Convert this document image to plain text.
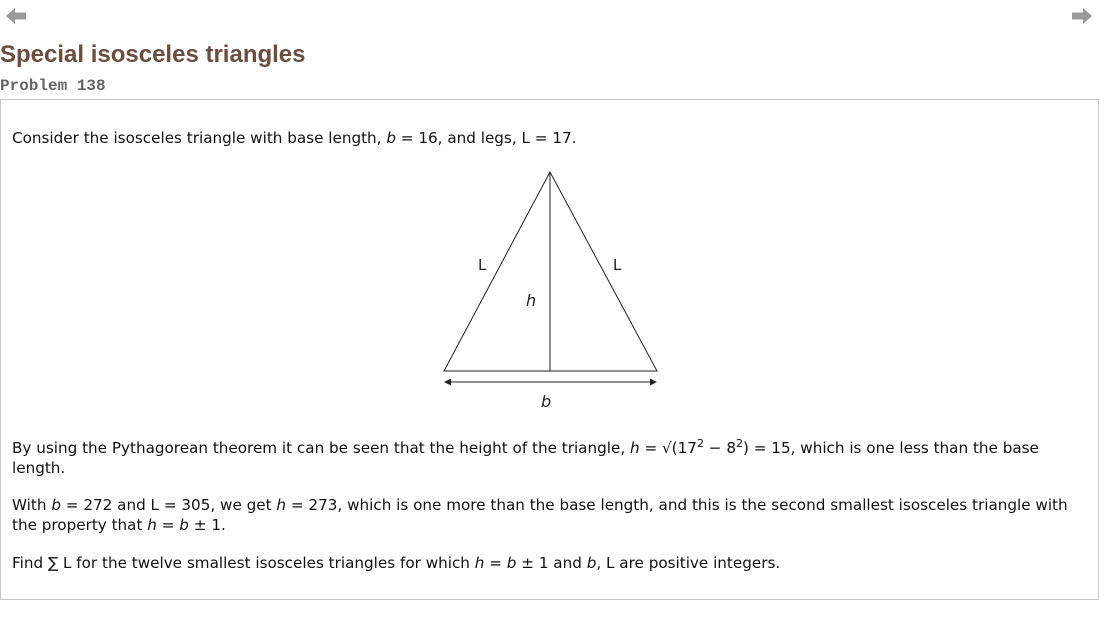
Special isosceles triangles
Problem 138

Consider the isosceles triangle with base length, b = 16, and legs, L = 17.

L	L
h
b

By using the Pythagorean theorem it can be seen that the height of the triangle, $h = √(17^2 - 8^2) = 15$, which is one less than the base length.

With b = 272 and L = 305, we get h = 273, which is one more than the base length, and this is the second smallest isosceles triangle with the property that h = b ± 1.

Find ∑ L for the twelve smallest isosceles triangles for which h = b ± 1 and b, L are positive integers.
